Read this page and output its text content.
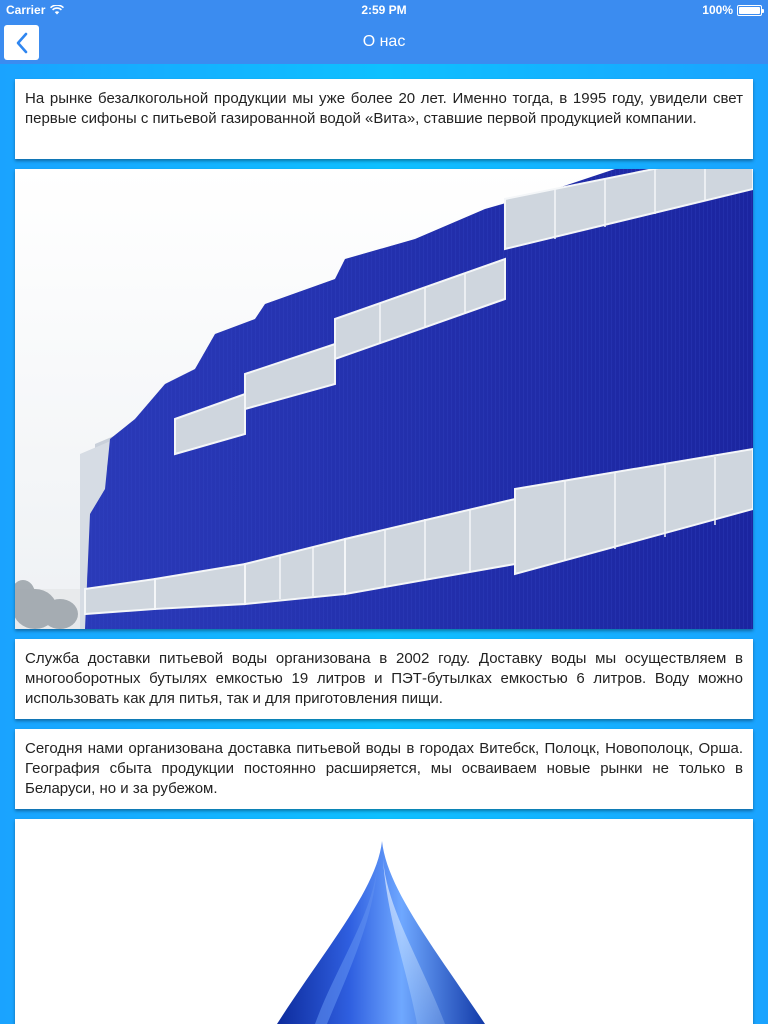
Carrier	2:59 PM	100%
О нас

На рынке безалкогольной продукции мы уже более 20 лет. Именно тогда, в 1995 году, увидели свет первые сифоны с питьевой газированной водой «Вита», ставшие первой продукцией компании.

Служба доставки питьевой воды организована в 2002 году. Доставку воды мы осуществляем в многооборотных бутылях емкостью 19 литров и ПЭТ-бутылках емкостью 6 литров. Воду можно использовать как для питья, так и для приготовления пищи.

Сегодня нами организована доставка питьевой воды в городах Витебск, Полоцк, Новополоцк, Орша. География сбыта продукции постоянно расширяется, мы осваиваем новые рынки не только в Беларуси, но и за рубежом.
